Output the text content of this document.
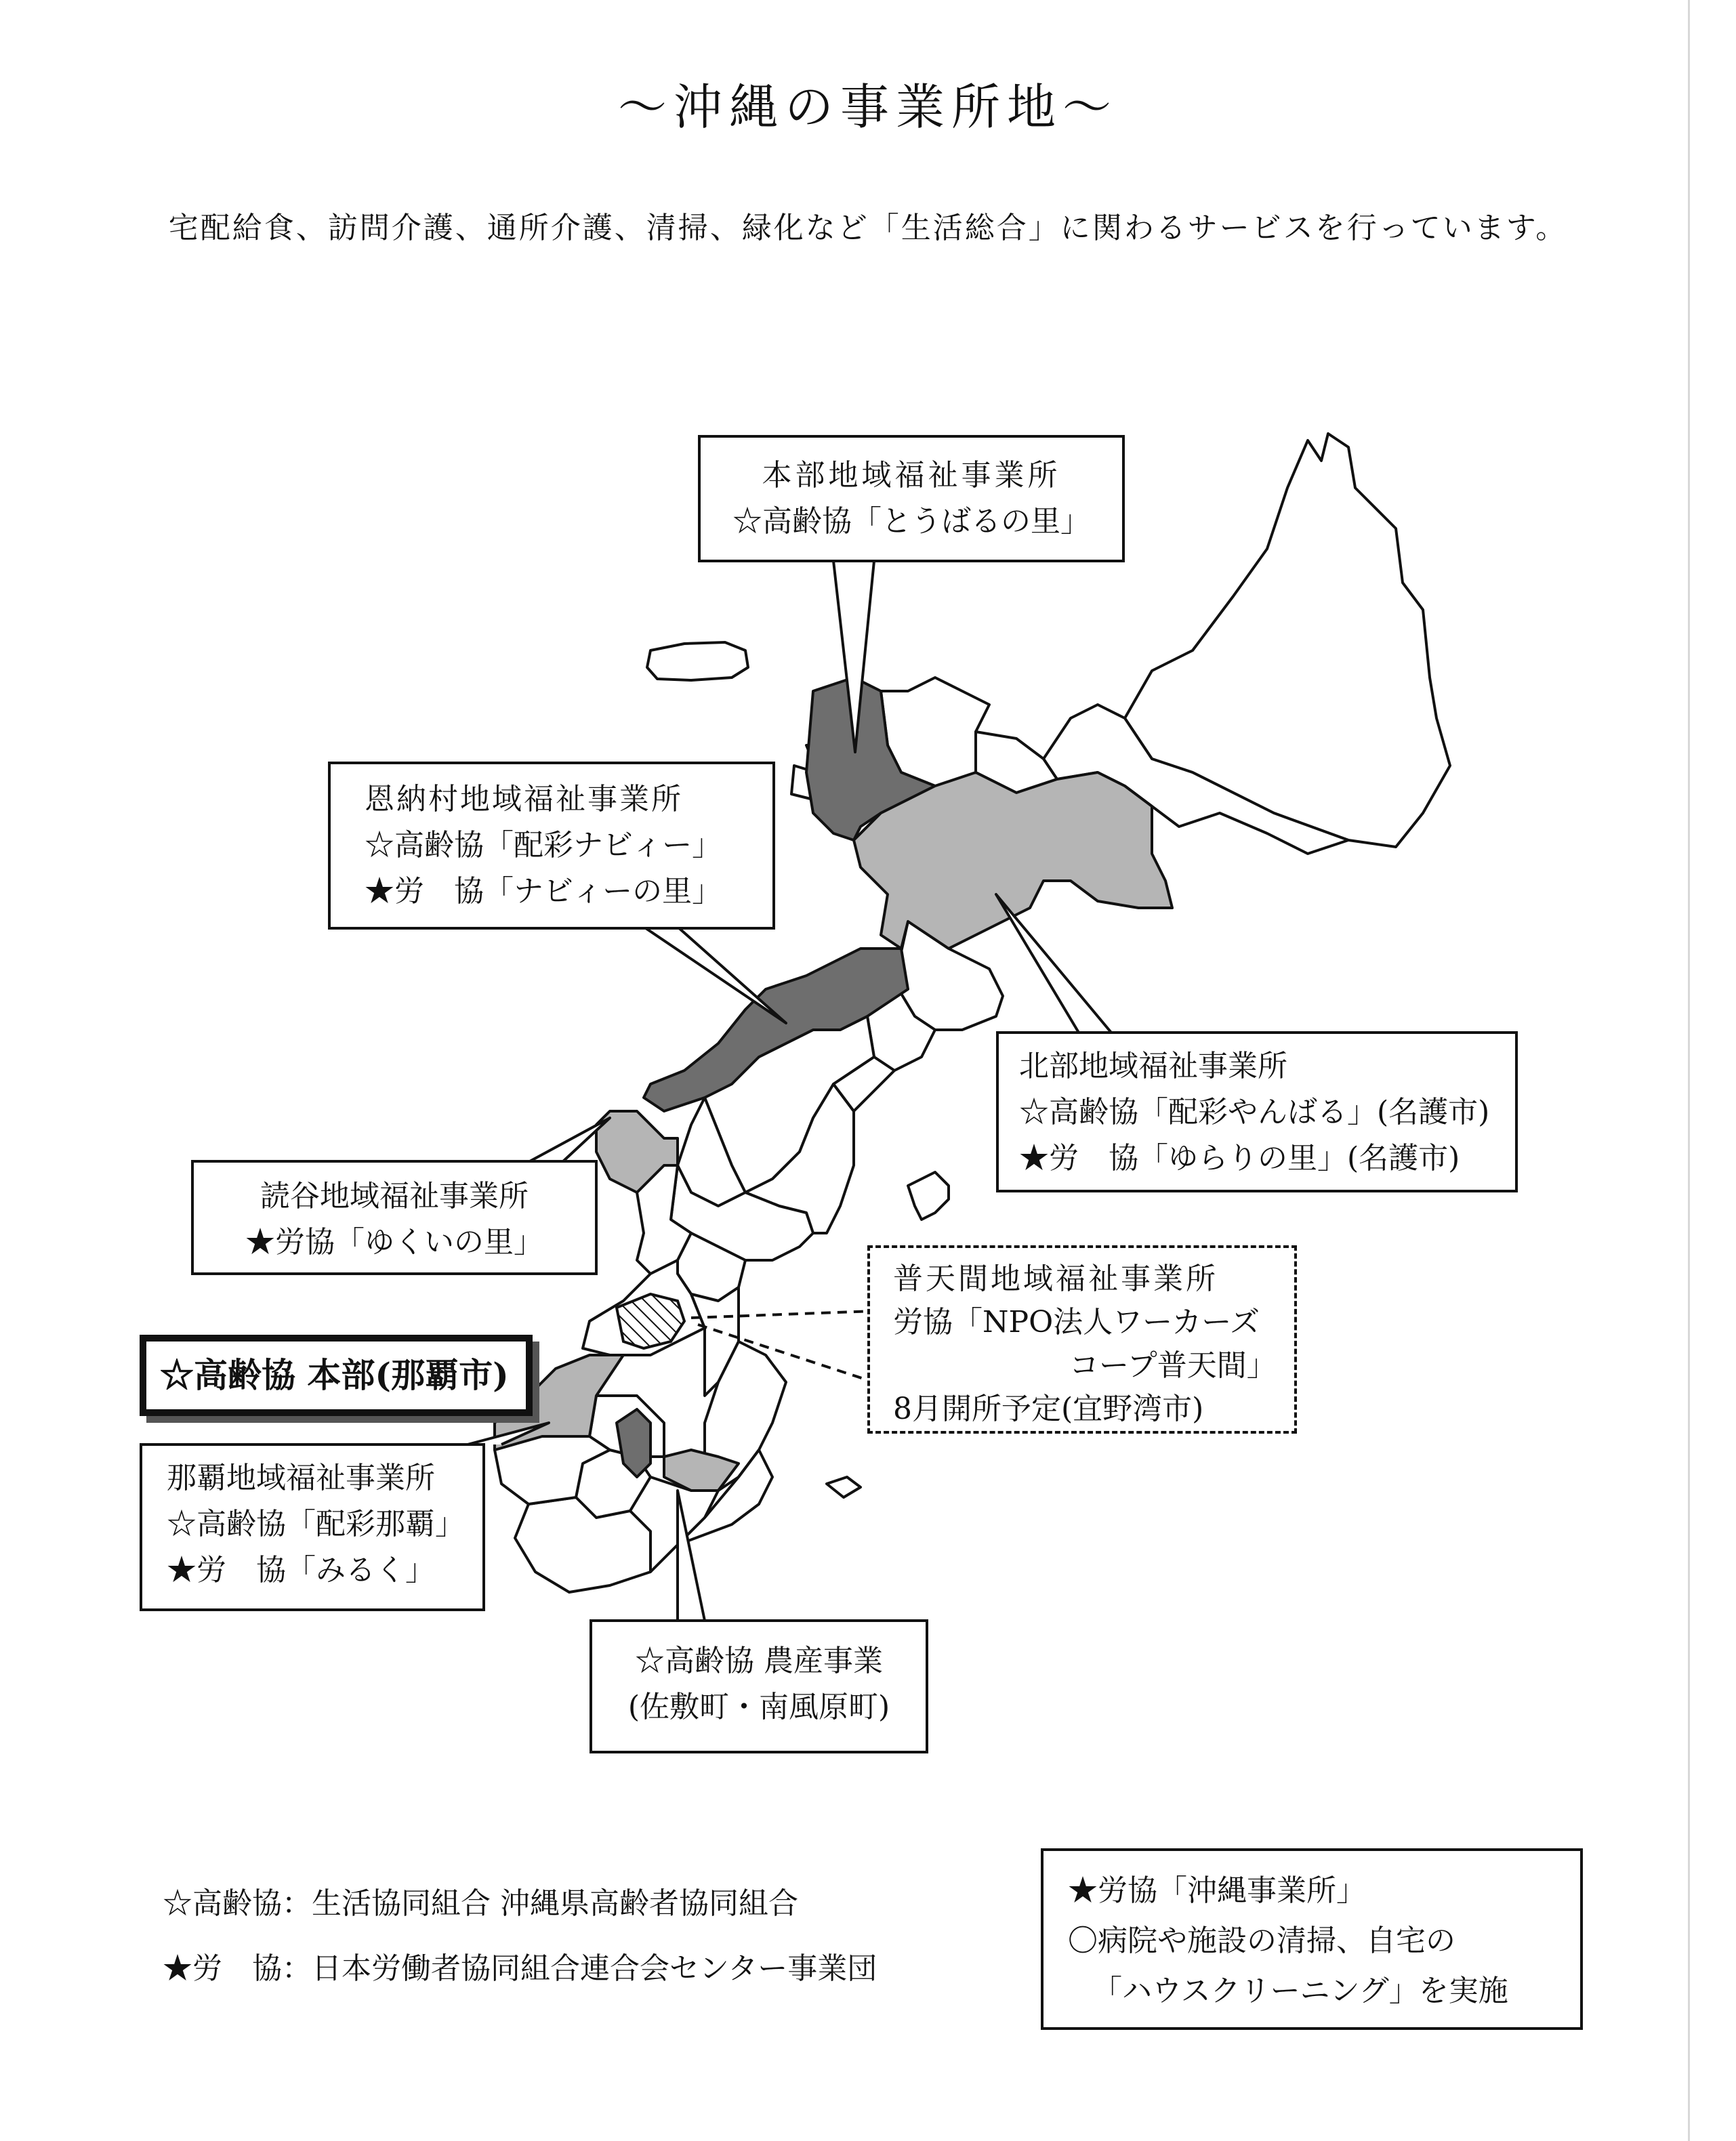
～沖縄の事業所地～
宅配給食、訪問介護、通所介護、清掃、緑化など「生活総合」に関わるサービスを行っています。
本部地域福祉事業所
☆高齢協「とうばるの里」
恩納村地域福祉事業所
☆高齢協「配彩ナビィー」
★労　協「ナビィーの里」
北部地域福祉事業所
☆高齢協「配彩やんばる」(名護市)
★労　協「ゆらりの里」(名護市)
読谷地域福祉事業所
★労協「ゆくいの里」
普天間地域福祉事業所
労協「NPO法人ワーカーズ
コープ普天間」
8月開所予定(宜野湾市)
☆高齢協 本部(那覇市)
那覇地域福祉事業所
☆高齢協「配彩那覇」
★労　協「みるく」
☆高齢協 農産事業
(佐敷町・南風原町)
☆高齢協：生活協同組合 沖縄県高齢者協同組合
★労　協：日本労働者協同組合連合会センター事業団
★労協「沖縄事業所」
〇病院や施設の清掃、自宅の
「ハウスクリーニング」を実施
